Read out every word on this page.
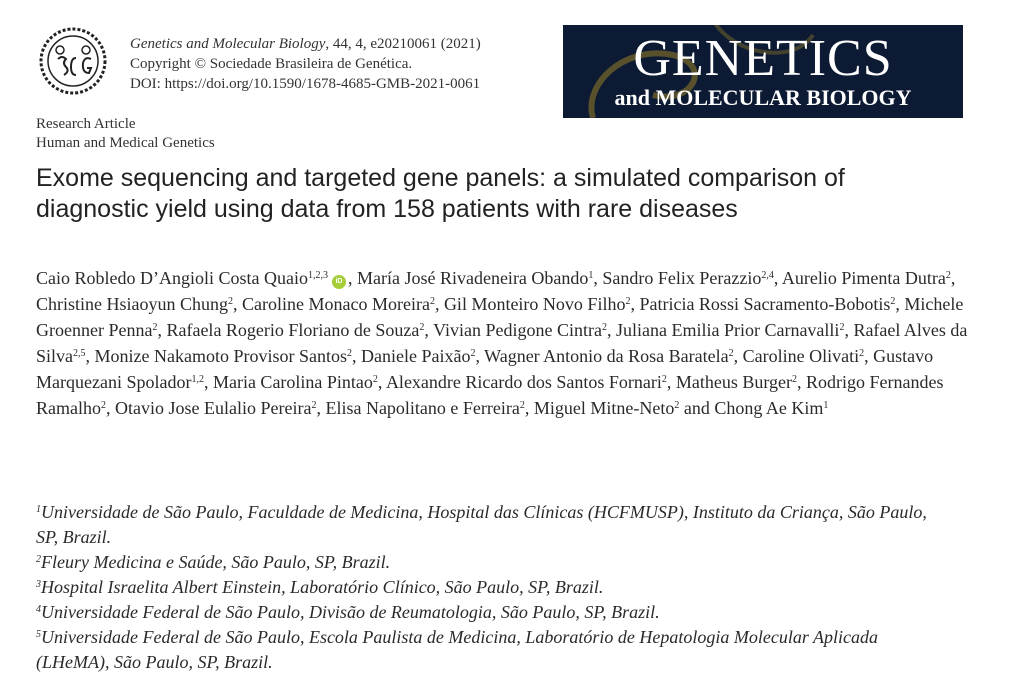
Genetics and Molecular Biology, 44, 4, e20210061 (2021)
Copyright © Sociedade Brasileira de Genética.
DOI: https://doi.org/10.1590/1678-4685-GMB-2021-0061	GENETICS
and MOLECULAR BIOLOGY
Research Article
Human and Medical Genetics
Exome sequencing and targeted gene panels: a simulated comparison of diagnostic yield using data from 158 patients with rare diseases
Caio Robledo D’Angioli Costa Quaio$^{1,2,3}$iD , María José Rivadeneira Obando$^1$, Sandro Felix Perazzio$^{2,4}$, Aurelio Pimenta Dutra$^2$, Christine Hsiaoyun Chung$^2$, Caroline Monaco Moreira$^2$, Gil Monteiro Novo Filho$^2$, Patricia Rossi Sacramento-Bobotis$^2$, Michele Groenner Penna$^2$, Rafaela Rogerio Floriano de Souza$^2$, Vivian Pedigone Cintra$^2$, Juliana Emilia Prior Carnavalli$^2$, Rafael Alves da Silva$^{2,5}$, Monize Nakamoto Provisor Santos$^2$, Daniele Paixão$^2$, Wagner Antonio da Rosa Baratela$^2$, Caroline Olivati$^2$, Gustavo Marquezani Spolador$^{1,2}$, Maria Carolina Pintao$^2$, Alexandre Ricardo dos Santos Fornari$^2$, Matheus Burger$^2$, Rodrigo Fernandes Ramalho$^2$, Otavio Jose Eulalio Pereira$^2$, Elisa Napolitano e Ferreira$^2$, Miguel Mitne-Neto$^2$ and Chong Ae Kim$^1$
$^1$Universidade de São Paulo, Faculdade de Medicina, Hospital das Clínicas (HCFMUSP), Instituto da Criança, São Paulo, SP, Brazil.
$^2$Fleury Medicina e Saúde, São Paulo, SP, Brazil.
$^3$Hospital Israelita Albert Einstein, Laboratório Clínico, São Paulo, SP, Brazil.
$^4$Universidade Federal de São Paulo, Divisão de Reumatologia, São Paulo, SP, Brazil.
$^5$Universidade Federal de São Paulo, Escola Paulista de Medicina, Laboratório de Hepatologia Molecular Aplicada (LHeMA), São Paulo, SP, Brazil.
